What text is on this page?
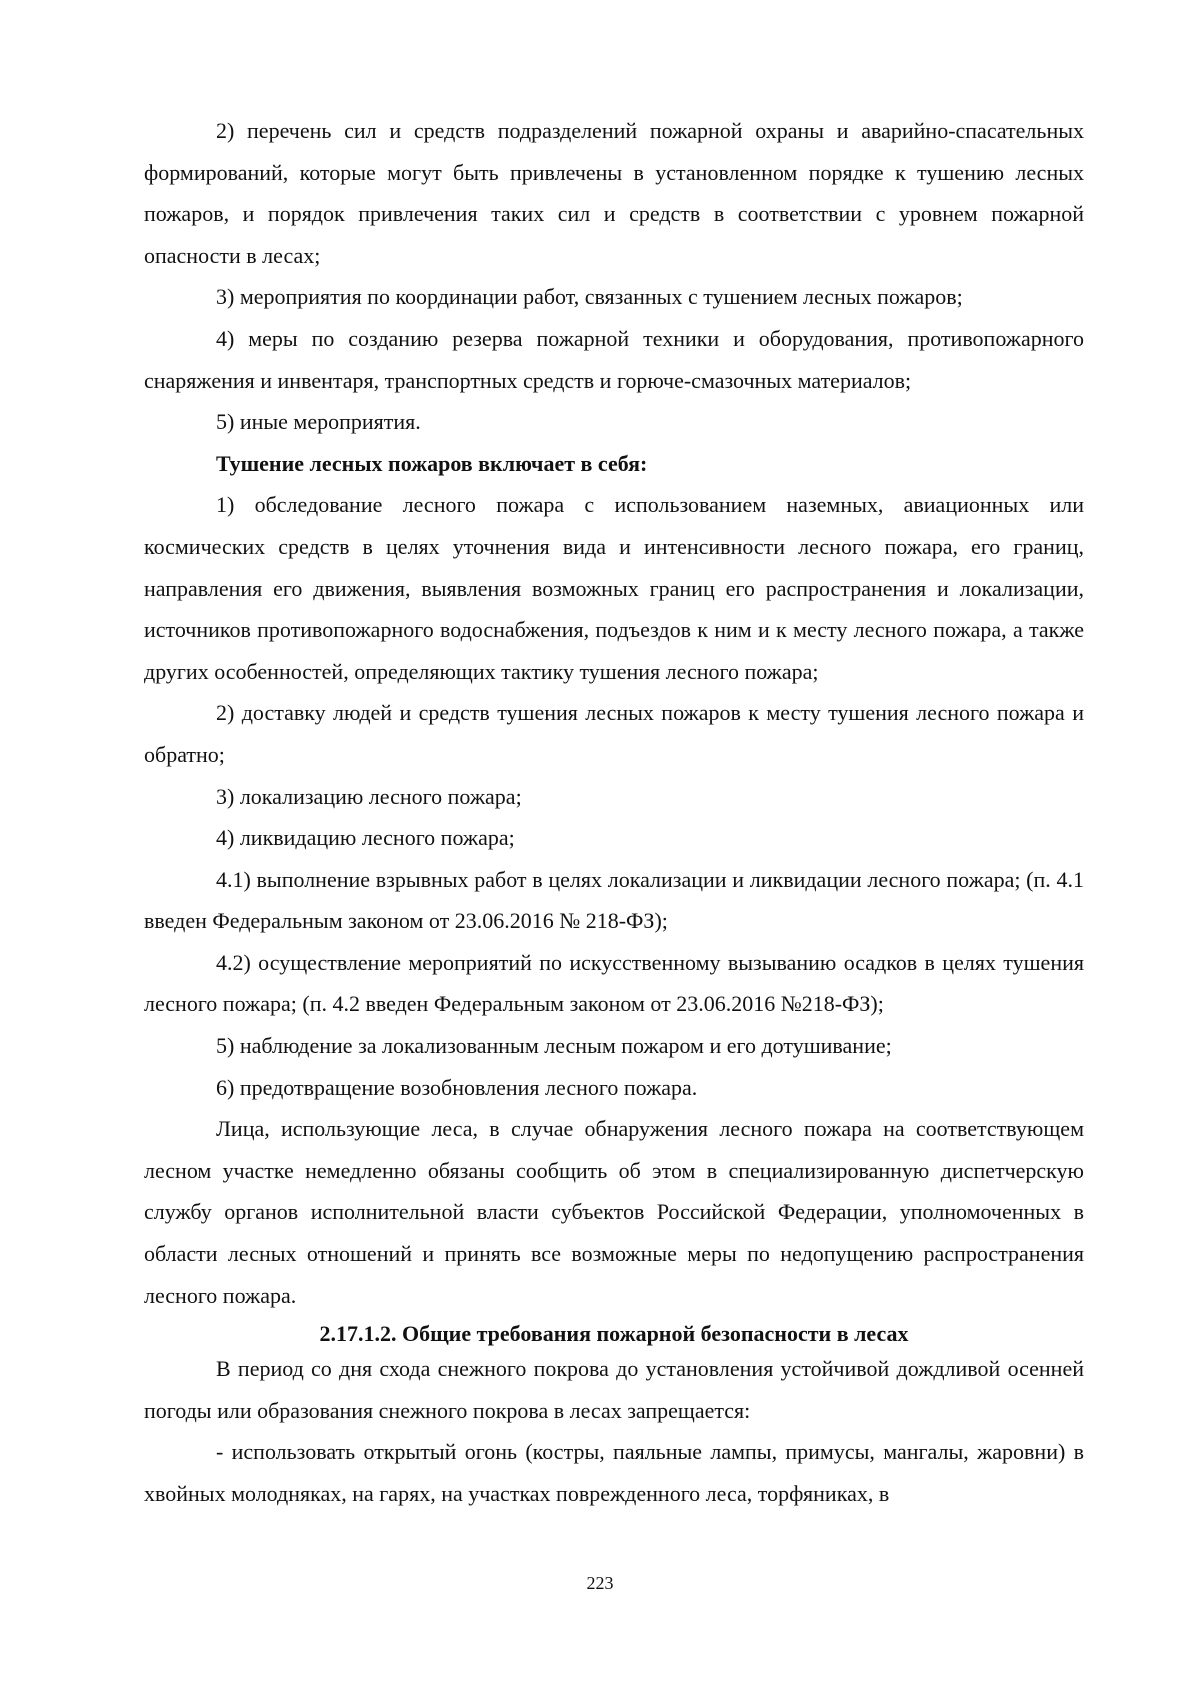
2) перечень сил и средств подразделений пожарной охраны и аварийно-спасательных формирований, которые могут быть привлечены в установленном порядке к тушению лесных пожаров, и порядок привлечения таких сил и средств в соответствии с уровнем пожарной опасности в лесах;

3) мероприятия по координации работ, связанных с тушением лесных пожаров;

4) меры по созданию резерва пожарной техники и оборудования, противопожарного снаряжения и инвентаря, транспортных средств и горюче-смазочных материалов;

5) иные мероприятия.

Тушение лесных пожаров включает в себя:

1) обследование лесного пожара с использованием наземных, авиационных или космических средств в целях уточнения вида и интенсивности лесного пожара, его границ, направления его движения, выявления возможных границ его распространения и локализации, источников противопожарного водоснабжения, подъездов к ним и к месту лесного пожара, а также других особенностей, определяющих тактику тушения лесного пожара;

2) доставку людей и средств тушения лесных пожаров к месту тушения лесного пожара и обратно;

3) локализацию лесного пожара;

4) ликвидацию лесного пожара;

4.1) выполнение взрывных работ в целях локализации и ликвидации лесного пожара; (п. 4.1 введен Федеральным законом от 23.06.2016 № 218-ФЗ);

4.2) осуществление мероприятий по искусственному вызыванию осадков в целях тушения лесного пожара; (п. 4.2 введен Федеральным законом от 23.06.2016 №218-ФЗ);

5) наблюдение за локализованным лесным пожаром и его дотушивание;

6) предотвращение возобновления лесного пожара.

Лица, использующие леса, в случае обнаружения лесного пожара на соответствующем лесном участке немедленно обязаны сообщить об этом в специализированную диспетчерскую службу органов исполнительной власти субъектов Российской Федерации, уполномоченных в области лесных отношений и принять все возможные меры по недопущению распространения лесного пожара.

2.17.1.2. Общие требования пожарной безопасности в лесах

В период со дня схода снежного покрова до установления устойчивой дождливой осенней погоды или образования снежного покрова в лесах запрещается:

- использовать открытый огонь (костры, паяльные лампы, примусы, мангалы, жаровни) в хвойных молодняках, на гарях, на участках поврежденного леса, торфяниках, в

223
